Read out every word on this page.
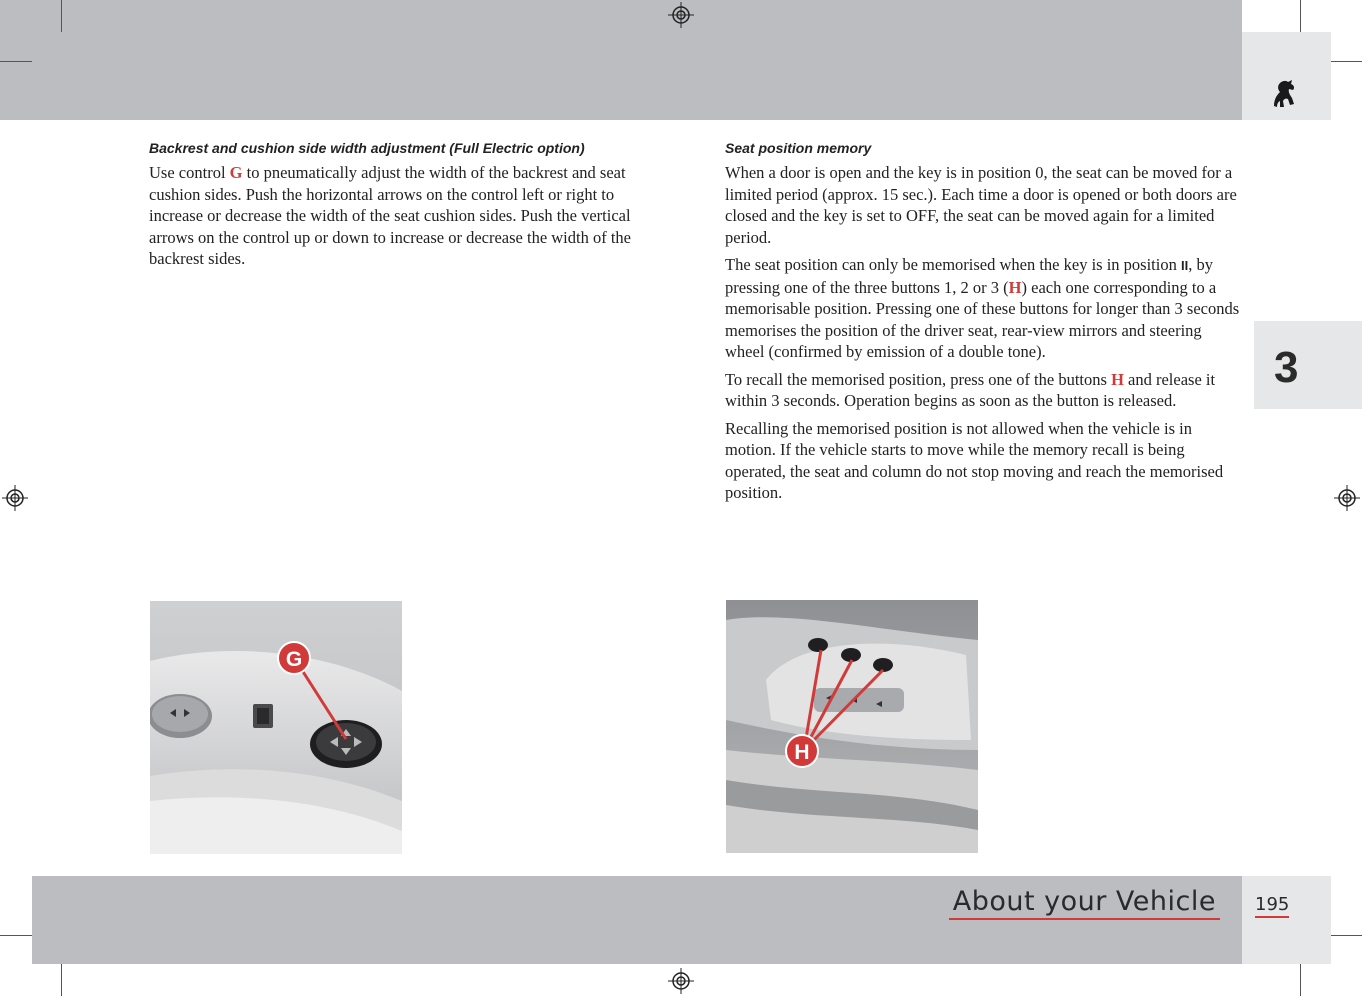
3
Backrest and cushion side width adjustment (Full Electric option)

Use control G to pneumatically adjust the width of the backrest and seat cushion sides. Push the horizontal arrows on the control left or right to increase or decrease the width of the seat cushion sides. Push the vertical arrows on the control up or down to increase or decrease the width of the backrest sides.

Seat position memory

When a door is open and the key is in position 0, the seat can be moved for a limited period (approx. 15 sec.). Each time a door is opened or both doors are closed and the key is set to OFF, the seat can be moved again for a limited period.

The seat position can only be memorised when the key is in position II, by pressing one of the three buttons 1, 2 or 3 (H) each one corresponding to a memorisable position. Pressing one of these buttons for longer than 3 seconds memorises the position of the driver seat, rear-view mirrors and steering wheel (confirmed by emission of a double tone).

To recall the memorised position, press one of the buttons H and release it within 3 seconds. Operation begins as soon as the button is released.

Recalling the memorised position is not allowed when the vehicle is in motion. If the vehicle starts to move while the memory recall is being operated, the seat and column do not stop moving and reach the memorised position.

G
H
About your Vehicle 195
